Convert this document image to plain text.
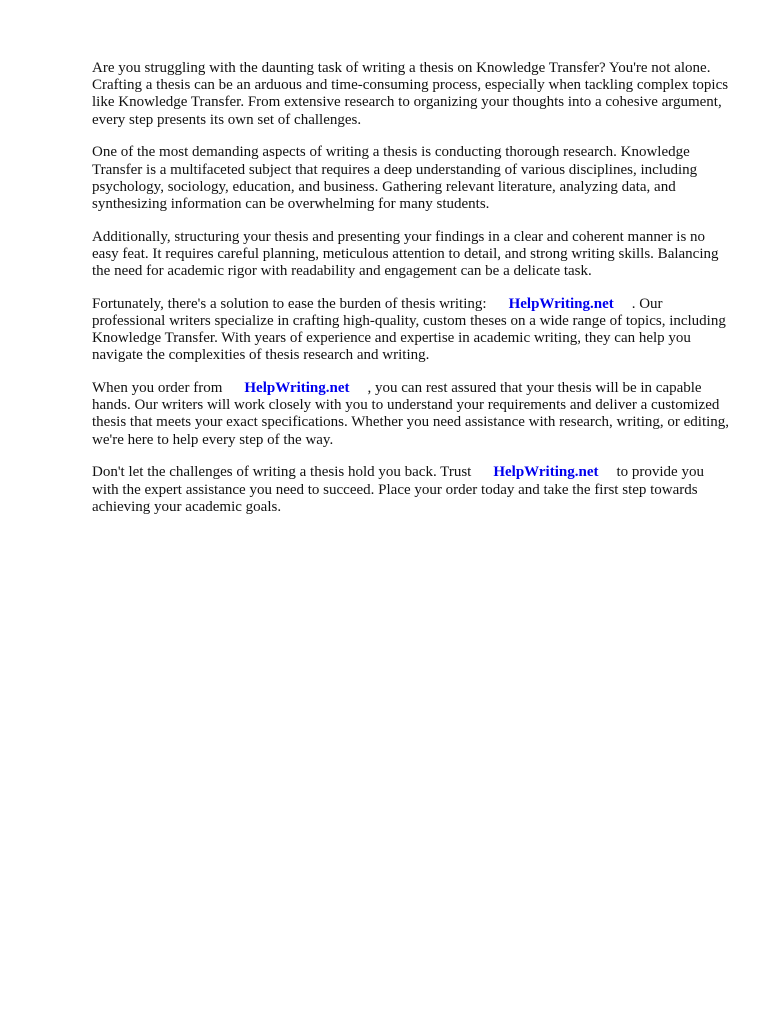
Are you struggling with the daunting task of writing a thesis on Knowledge Transfer? You're not alone. Crafting a thesis can be an arduous and time-consuming process, especially when tackling complex topics like Knowledge Transfer. From extensive research to organizing your thoughts into a cohesive argument, every step presents its own set of challenges.

One of the most demanding aspects of writing a thesis is conducting thorough research. Knowledge Transfer is a multifaceted subject that requires a deep understanding of various disciplines, including psychology, sociology, education, and business. Gathering relevant literature, analyzing data, and synthesizing information can be overwhelming for many students.

Additionally, structuring your thesis and presenting your findings in a clear and coherent manner is no easy feat. It requires careful planning, meticulous attention to detail, and strong writing skills. Balancing the need for academic rigor with readability and engagement can be a delicate task.

Fortunately, there's a solution to ease the burden of thesis writing: HelpWriting.net . Our professional writers specialize in crafting high-quality, custom theses on a wide range of topics, including Knowledge Transfer. With years of experience and expertise in academic writing, they can help you navigate the complexities of thesis research and writing.

When you order from HelpWriting.net , you can rest assured that your thesis will be in capable hands. Our writers will work closely with you to understand your requirements and deliver a customized thesis that meets your exact specifications. Whether you need assistance with research, writing, or editing, we're here to help every step of the way.

Don't let the challenges of writing a thesis hold you back. Trust HelpWriting.net to provide you with the expert assistance you need to succeed. Place your order today and take the first step towards achieving your academic goals.
